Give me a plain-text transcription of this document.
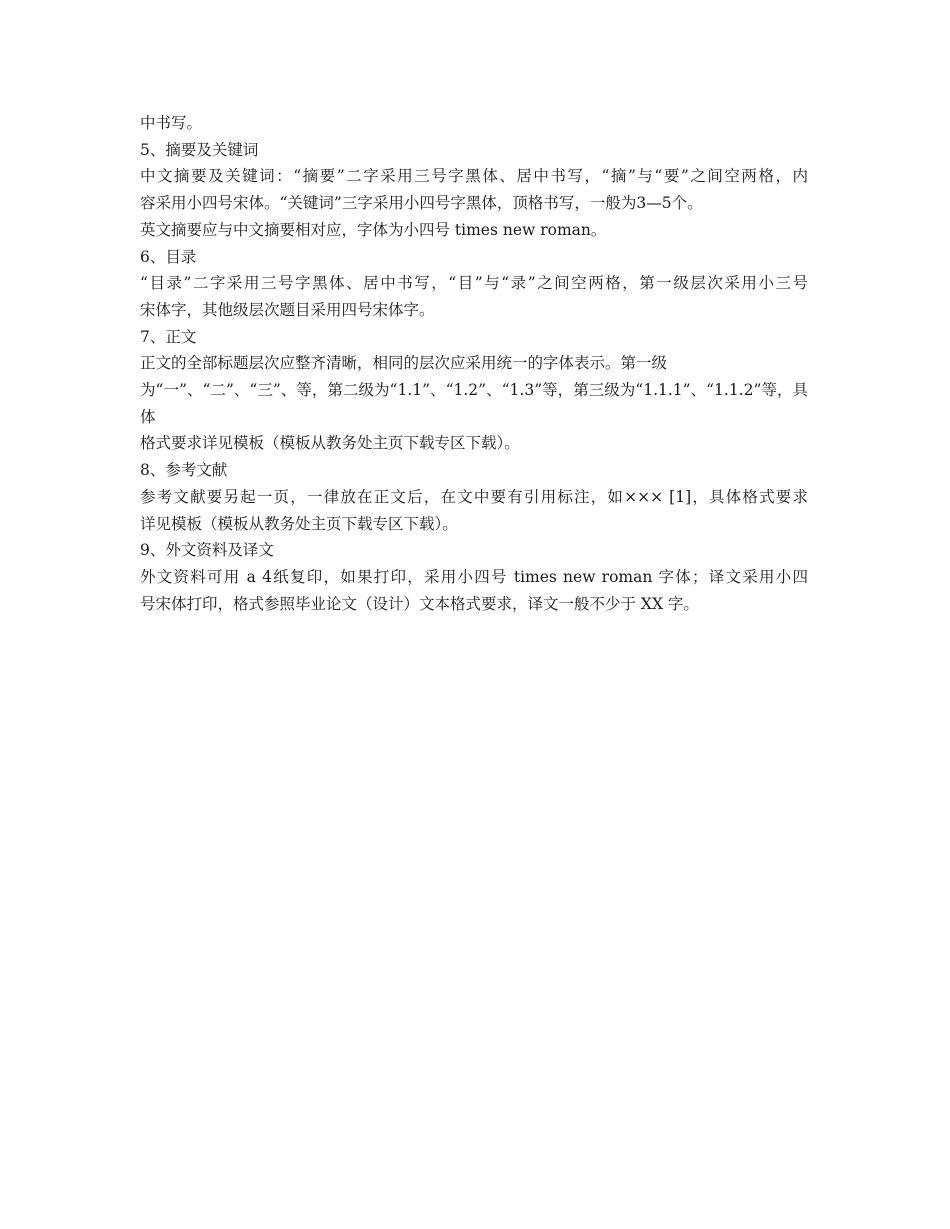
中书写。
5、摘要及关键词
中文摘要及关键词：“摘要”二字采用三号字黑体、居中书写，“摘”与“要”之间空两格，内
容采用小四号宋体。“关键词”三字采用小四号字黑体，顶格书写，一般为3—5个。
英文摘要应与中文摘要相对应，字体为小四号 times new roman。
6、目录
“目录”二字采用三号字黑体、居中书写，“目”与“录”之间空两格，第一级层次采用小三号
宋体字，其他级层次题目采用四号宋体字。
7、正文
正文的全部标题层次应整齐清晰，相同的层次应采用统一的字体表示。第一级
为“一”、“二”、“三”、等，第二级为“1.1”、“1.2”、“1.3”等，第三级为“1.1.1”、“1.1.2”等，具体
格式要求详见模板（模板从教务处主页下载专区下载）。
8、参考文献
参考文献要另起一页，一律放在正文后，在文中要有引用标注，如××× [1]，具体格式要求
详见模板（模板从教务处主页下载专区下载）。
9、外文资料及译文
外文资料可用 a 4纸复印，如果打印，采用小四号 times new roman 字体；译文采用小四
号宋体打印，格式参照毕业论文（设计）文本格式要求，译文一般不少于 XX 字。
